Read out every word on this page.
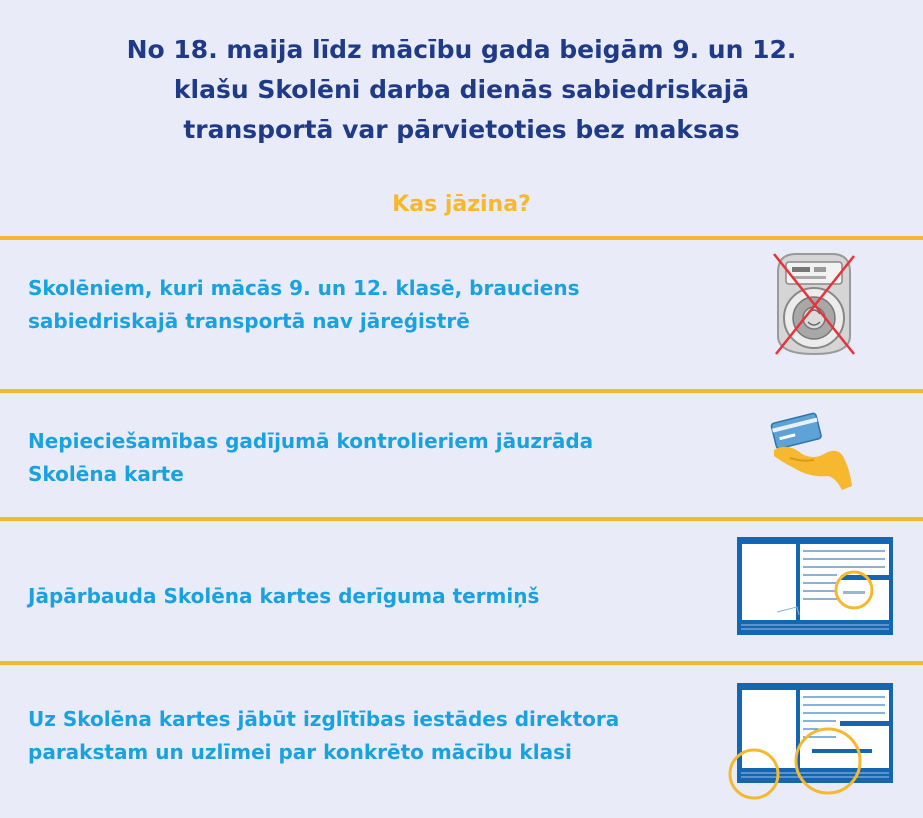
No 18. maija līdz mācību gada beigām 9. un 12.
klašu Skolēni darba dienās sabiedriskajā
transportā var pārvietoties bez maksas
Kas jāzina?

Skolēniem, kuri mācās 9. un 12. klasē, brauciens
sabiedriskajā transportā nav jāreģistrē

Nepieciešamības gadījumā kontrolieriem jāuzrāda
Skolēna karte

Jāpārbauda Skolēna kartes derīguma termiņš

Uz Skolēna kartes jābūt izglītības iestādes direktora
parakstam un uzlīmei par konkrēto mācību klasi
